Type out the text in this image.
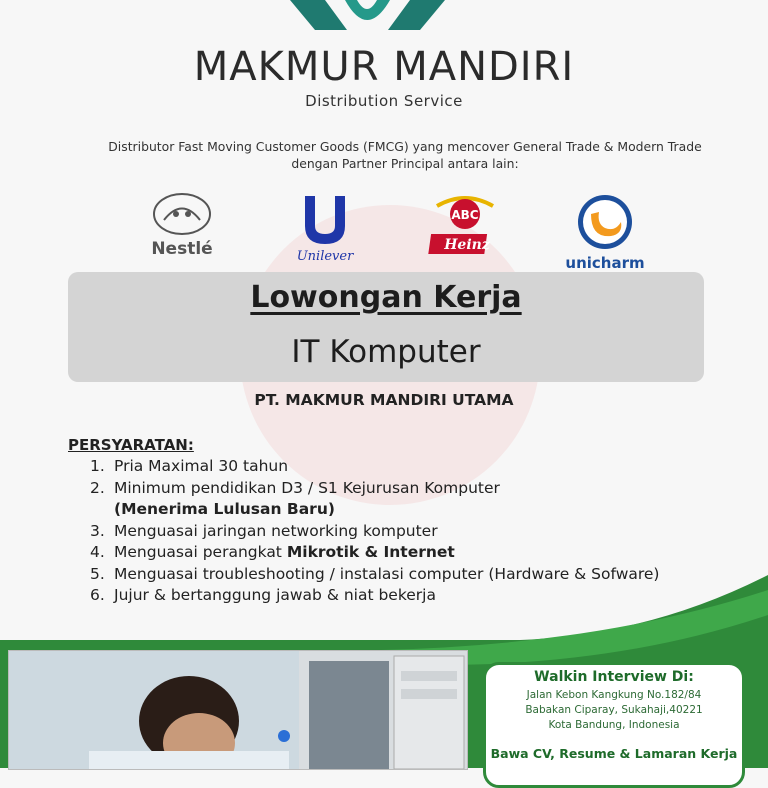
MAKMUR MANDIRI
Distribution Service
Distributor Fast Moving Customer Goods (FMCG) yang mencover General Trade & Modern Trade
dengan Partner Principal antara lain:
Nestlé	Unilever
ABC
Heinz
unicharm
Lowongan Kerja
IT Komputer
PT. MAKMUR MANDIRI UTAMA
PERSYARATAN:
1. Pria Maximal 30 tahun
2. Minimum pendidikan D3 / S1 Kejurusan Komputer
(Menerima Lulusan Baru)
3. Menguasai jaringan networking komputer
4. Menguasai perangkat Mikrotik & Internet
5. Menguasai troubleshooting / instalasi computer (Hardware & Sofware)
6. Jujur & bertanggung jawab & niat bekerja
Walkin Interview Di:
Jalan Kebon Kangkung No.182/84
Babakan Ciparay, Sukahaji,40221
Kota Bandung, Indonesia
Bawa CV, Resume & Lamaran Kerja
